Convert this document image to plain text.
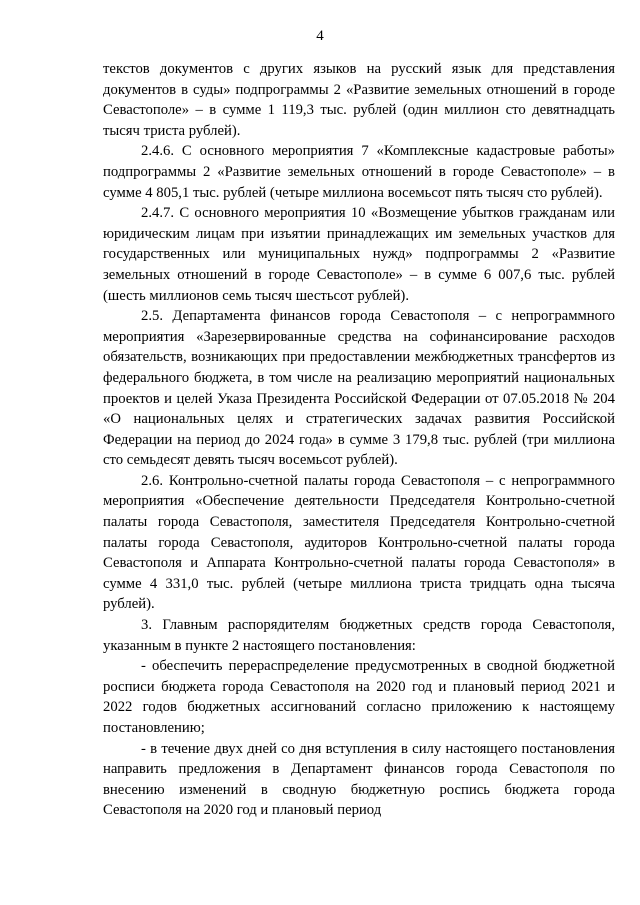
4

текстов документов с других языков на русский язык для представления документов в суды» подпрограммы 2 «Развитие земельных отношений в городе Севастополе» – в сумме 1 119,3 тыс. рублей (один миллион сто девятнадцать тысяч триста рублей).

2.4.6. С основного мероприятия 7 «Комплексные кадастровые работы» подпрограммы 2 «Развитие земельных отношений в городе Севастополе» – в сумме 4 805,1 тыс. рублей (четыре миллиона восемьсот пять тысяч сто рублей).

2.4.7. С основного мероприятия 10 «Возмещение убытков гражданам или юридическим лицам при изъятии принадлежащих им земельных участков для государственных или муниципальных нужд» подпрограммы 2 «Развитие земельных отношений в городе Севастополе» – в сумме 6 007,6 тыс. рублей (шесть миллионов семь тысяч шестьсот рублей).

2.5. Департамента финансов города Севастополя – с непрограммного мероприятия «Зарезервированные средства на софинансирование расходов обязательств, возникающих при предоставлении межбюджетных трансфертов из федерального бюджета, в том числе на реализацию мероприятий национальных проектов и целей Указа Президента Российской Федерации от 07.05.2018 № 204 «О национальных целях и стратегических задачах развития Российской Федерации на период до 2024 года» в сумме 3 179,8 тыс. рублей (три миллиона сто семьдесят девять тысяч восемьсот рублей).

2.6. Контрольно-счетной палаты города Севастополя – с непрограммного мероприятия «Обеспечение деятельности Председателя Контрольно-счетной палаты города Севастополя, заместителя Председателя Контрольно-счетной палаты города Севастополя, аудиторов Контрольно-счетной палаты города Севастополя и Аппарата Контрольно-счетной палаты города Севастополя» в сумме 4 331,0 тыс. рублей (четыре миллиона триста тридцать одна тысяча рублей).

3. Главным распорядителям бюджетных средств города Севастополя, указанным в пункте 2 настоящего постановления:

- обеспечить перераспределение предусмотренных в сводной бюджетной росписи бюджета города Севастополя на 2020 год и плановый период 2021 и 2022 годов бюджетных ассигнований согласно приложению к настоящему постановлению;

- в течение двух дней со дня вступления в силу настоящего постановления направить предложения в Департамент финансов города Севастополя по внесению изменений в сводную бюджетную роспись бюджета города Севастополя на 2020 год и плановый период
